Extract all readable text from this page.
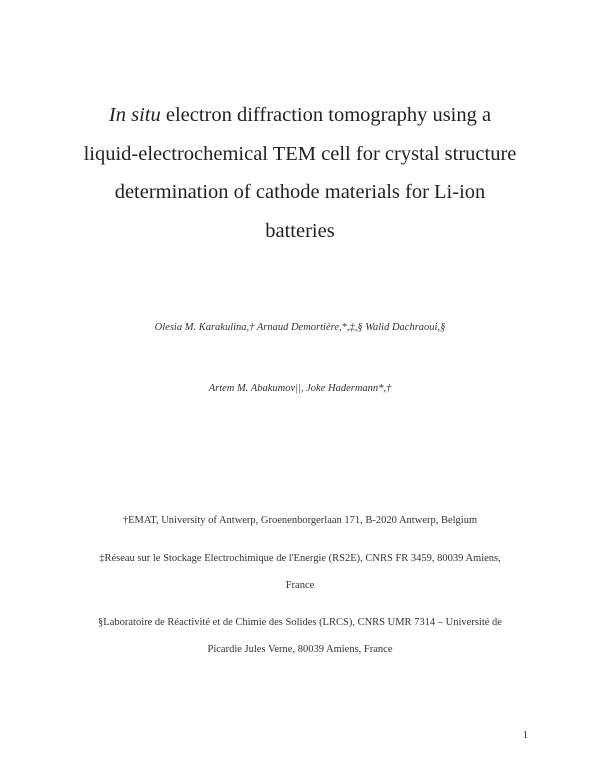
In situ electron diffraction tomography using a
liquid-electrochemical TEM cell for crystal structure
determination of cathode materials for Li-ion
batteries
Olesia M. Karakulina,† Arnaud Demortière,*,‡,§ Walid Dachraoui,§
Artem M. Abakumov||, Joke Hadermann*,†
†EMAT, University of Antwerp, Groenenborgerlaan 171, B-2020 Antwerp, Belgium
‡Réseau sur le Stockage Electrochimique de l'Energie (RS2E), CNRS FR 3459, 80039 Amiens,
France
§Laboratoire de Réactivité et de Chimie des Solides (LRCS), CNRS UMR 7314 – Université de
Picardie Jules Verne, 80039 Amiens, France
1
